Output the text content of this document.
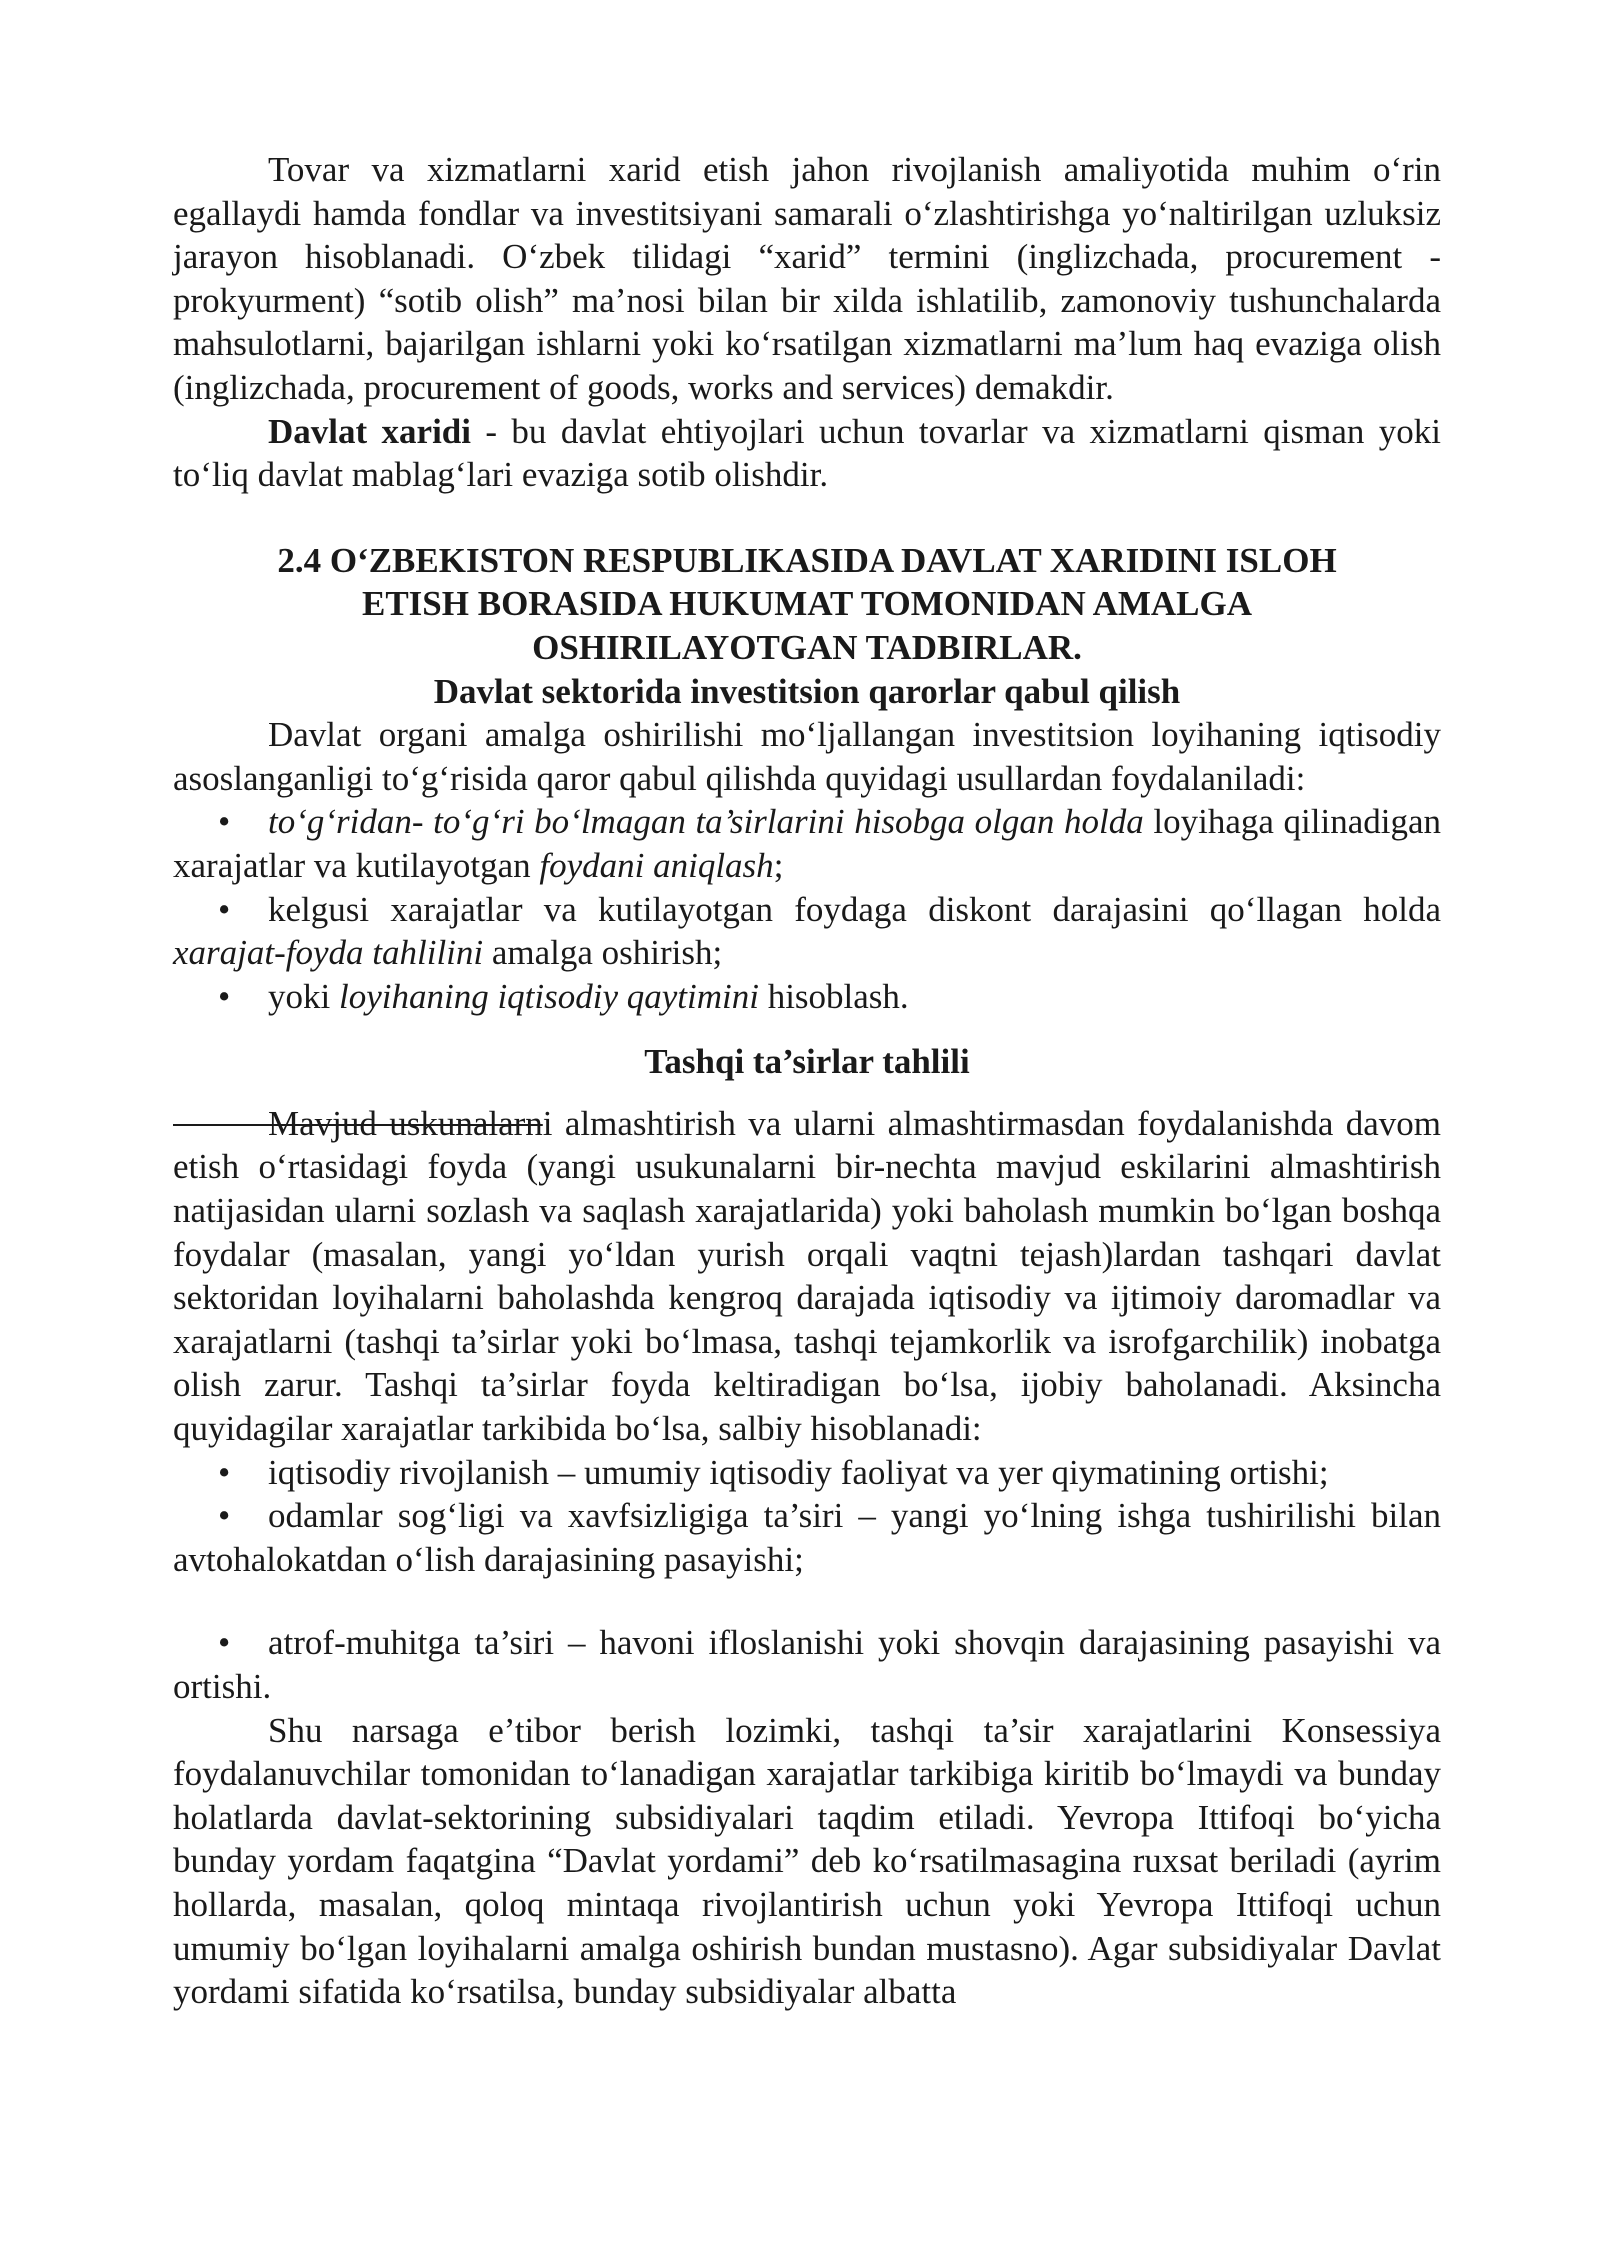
Tovar va xizmatlarni xarid etish jahon rivojlanish amaliyotida muhim o‘rin egallaydi hamda fondlar va investitsiyani samarali o‘zlashtirishga yo‘naltirilgan uzluksiz jarayon hisoblanadi. O‘zbek tilidagi “xarid” termini (inglizchada, procurement - prokyurment) “sotib olish” ma’nosi bilan bir xilda ishlatilib, zamonoviy tushunchalarda mahsulotlarni, bajarilgan ishlarni yoki ko‘rsatilgan xizmatlarni ma’lum haq evaziga olish (inglizchada, procurement of goods, works and services) demakdir.

Davlat xaridi - bu davlat ehtiyojlari uchun tovarlar va xizmatlarni qisman yoki to‘liq davlat mablag‘lari evaziga sotib olishdir.

2.4 O‘ZBEKISTON RESPUBLIKASIDA DAVLAT XARIDINI ISLOH
ETISH BORASIDA HUKUMAT TOMONIDAN AMALGA
OSHIRILAYOTGAN TADBIRLAR.
Davlat sektorida investitsion qarorlar qabul qilish

Davlat organi amalga oshirilishi mo‘ljallangan investitsion loyihaning iqtisodiy asoslanganligi to‘g‘risida qaror qabul qilishda quyidagi usullardan foydalaniladi:

• to‘g‘ridan- to‘g‘ri bo‘lmagan ta’sirlarini hisobga olgan holda loyihaga qilinadigan xarajatlar va kutilayotgan foydani aniqlash;
• kelgusi xarajatlar va kutilayotgan foydaga diskont darajasini qo‘llagan holda xarajat-foyda tahlilini amalga oshirish;
• yoki loyihaning iqtisodiy qaytimini hisoblash.
Tashqi ta’sirlar tahlili

Mavjud uskunalarni almashtirish va ularni almashtirmasdan foydalanishda davom etish o‘rtasidagi foyda (yangi usukunalarni bir-nechta mavjud eskilarini almashtirish natijasidan ularni sozlash va saqlash xarajatlarida) yoki baholash mumkin bo‘lgan boshqa foydalar (masalan, yangi yo‘ldan yurish orqali vaqtni tejash)lardan tashqari davlat sektoridan loyihalarni baholashda kengroq darajada iqtisodiy va ijtimoiy daromadlar va xarajatlarni (tashqi ta’sirlar yoki bo‘lmasa, tashqi tejamkorlik va isrofgarchilik) inobatga olish zarur. Tashqi ta’sirlar foyda keltiradigan bo‘lsa, ijobiy baholanadi. Aksincha quyidagilar xarajatlar tarkibida bo‘lsa, salbiy hisoblanadi:

• iqtisodiy rivojlanish – umumiy iqtisodiy faoliyat va yer qiymatining ortishi;
• odamlar sog‘ligi va xavfsizligiga ta’siri – yangi yo‘lning ishga tushirilishi bilan avtohalokatdan o‘lish darajasining pasayishi;
• atrof-muhitga ta’siri – havoni ifloslanishi yoki shovqin darajasining pasayishi va ortishi.

Shu narsaga e’tibor berish lozimki, tashqi ta’sir xarajatlarini Konsessiya foydalanuvchilar tomonidan to‘lanadigan xarajatlar tarkibiga kiritib bo‘lmaydi va bunday holatlarda davlat-sektorining subsidiyalari taqdim etiladi. Yevropa Ittifoqi bo‘yicha bunday yordam faqatgina “Davlat yordami” deb ko‘rsatilmasagina ruxsat beriladi (ayrim hollarda, masalan, qoloq mintaqa rivojlantirish uchun yoki Yevropa Ittifoqi uchun umumiy bo‘lgan loyihalarni amalga oshirish bundan mustasno). Agar subsidiyalar Davlat yordami sifatida ko‘rsatilsa, bunday subsidiyalar albatta
